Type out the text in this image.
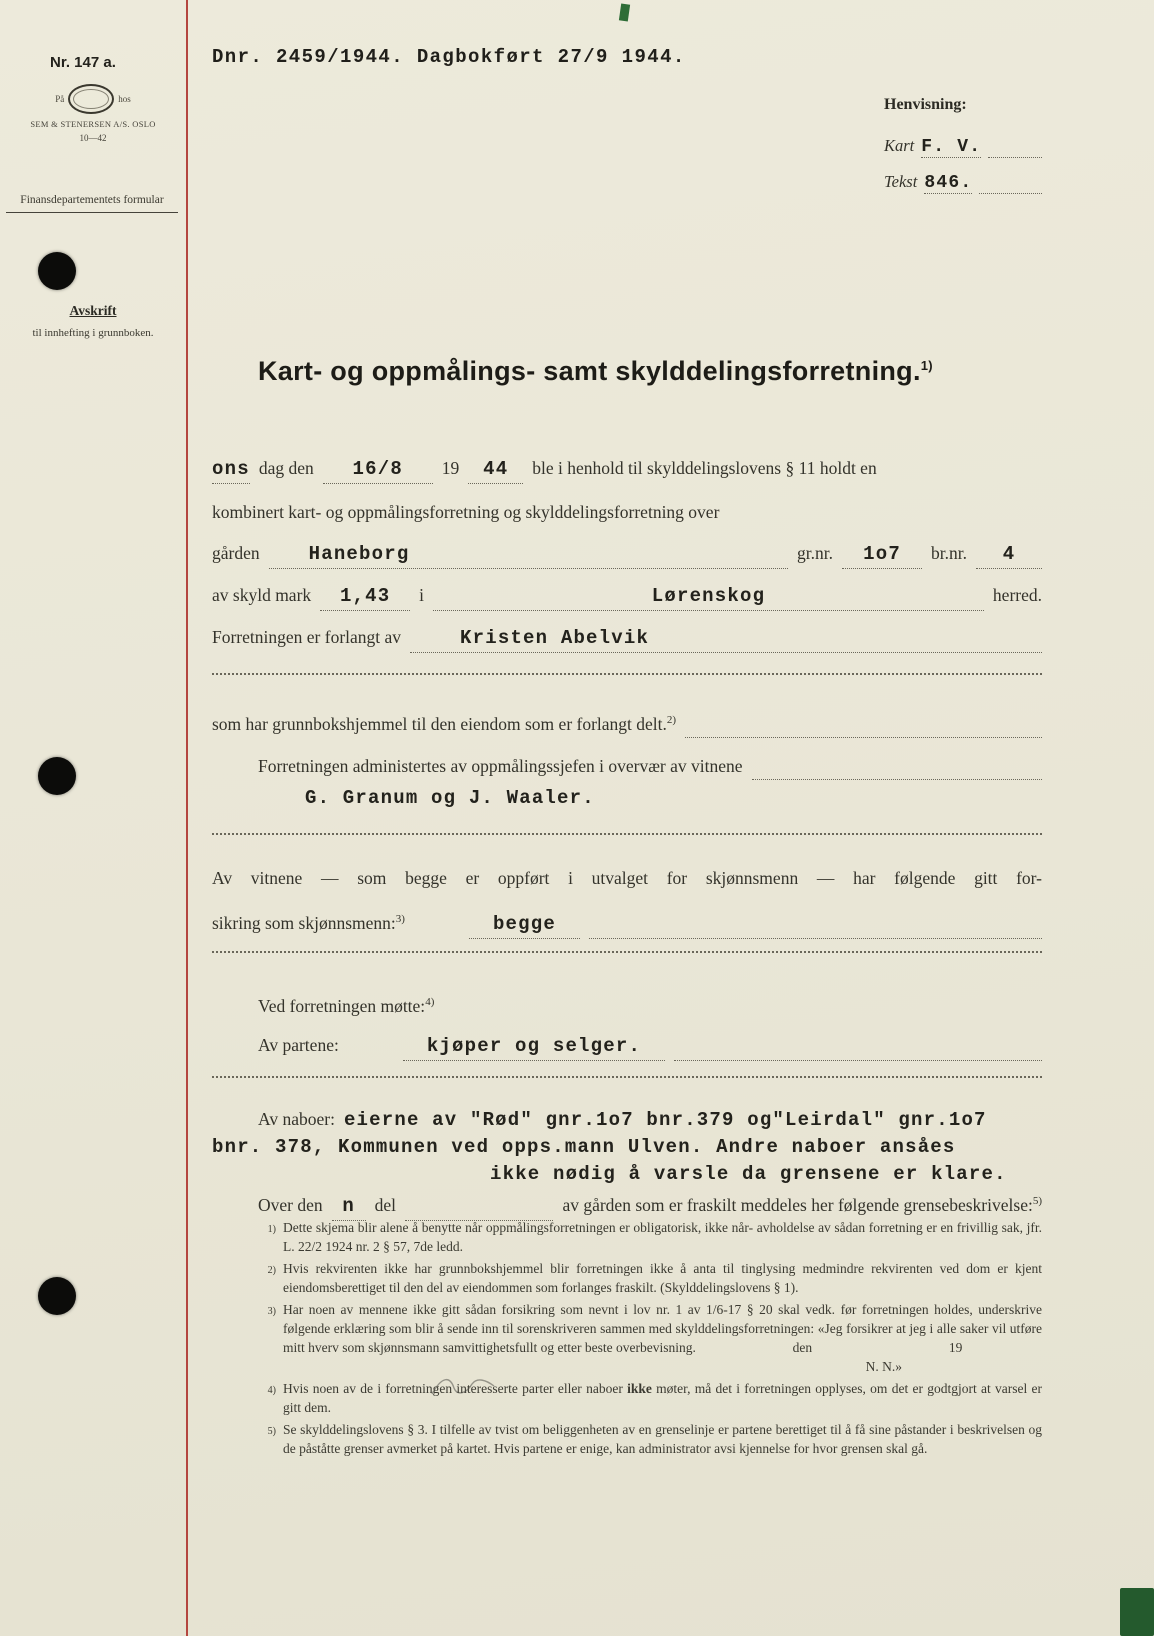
Nr. 147 a.
På	hos
SEM & STENERSEN A/S. OSLO
10—42
Finansdepartementets formular
Avskrift
til innhefting i grunnboken.
Dnr. 2459/1944. Dagbokført 27/9 1944.
Henvisning:
Kart F. V.
Tekst 846.
Kart- og oppmålings- samt skylddelingsforretning.$^{1)}$
ons dag den	16/8	19	44	ble i henhold til skylddelingslovens § 11 holdt en
kombinert kart- og oppmålingsforretning og skylddelingsforretning over
gården	Haneborg	gr.nr.	1o7	br.nr.	4
av skyld mark	1,43	i	Lørenskog	herred.
Forretningen er forlangt av	Kristen Abelvik
som har grunnbokshjemmel til den eiendom som er forlangt delt.$^{2)}$
Forretningen administertes av oppmålingssjefen i overvær av vitnene
G. Granum og J. Waaler.
Av vitnene — som begge er oppført i utvalget for skjønnsmenn — har følgende gitt for-
sikring som skjønnsmenn:$^{3)}$	begge
Ved forretningen møtte:$^{4)}$
Av partene:	kjøper og selger.
Av naboer: eierne av "Rød" gnr.1o7 bnr.379 og"Leirdal" gnr.1o7
bnr. 378, Kommunen ved opps.mann Ulven. Andre naboer ansåes
ikke nødig å varsle da grensene er klare.
Over den	n	del	av gården som er fraskilt meddeles her følgende grensebeskrivelse:$^{5)}$
1) Dette skjema blir alene å benytte når oppmålingsforretningen er obligatorisk, ikke når- avholdelse av sådan forretning er en frivillig sak, jfr. L. 22/2 1924 nr. 2 § 57, 7de ledd.
2) Hvis rekvirenten ikke har grunnbokshjemmel blir forretningen ikke å anta til tinglysing medmindre rekvirenten ved dom er kjent eiendomsberettiget til den del av eiendommen som forlanges fraskilt. (Skylddelingslovens § 1).
3) Har noen av mennene ikke gitt sådan forsikring som nevnt i lov nr. 1 av 1/6-17 § 20 skal vedk. før forretningen holdes, underskrive følgende erklæring som blir å sende inn til sorenskriveren sammen med skylddelingsforretningen: «Jeg forsikrer at jeg i alle saker vil utføre mitt hverv som skjønnsmann samvittighetsfullt og etter beste overbevisning.	den	19
N. N.»
4) Hvis noen av de i forretningen interesserte parter eller naboer ikke møter, må det i forretningen opplyses, om det er godtgjort at varsel er gitt dem.
5) Se skylddelingslovens § 3. I tilfelle av tvist om beliggenheten av en grenselinje er partene berettiget til å få sine påstander i beskrivelsen og de påståtte grenser avmerket på kartet. Hvis partene er enige, kan administrator avsi kjennelse for hvor grensen skal gå.
